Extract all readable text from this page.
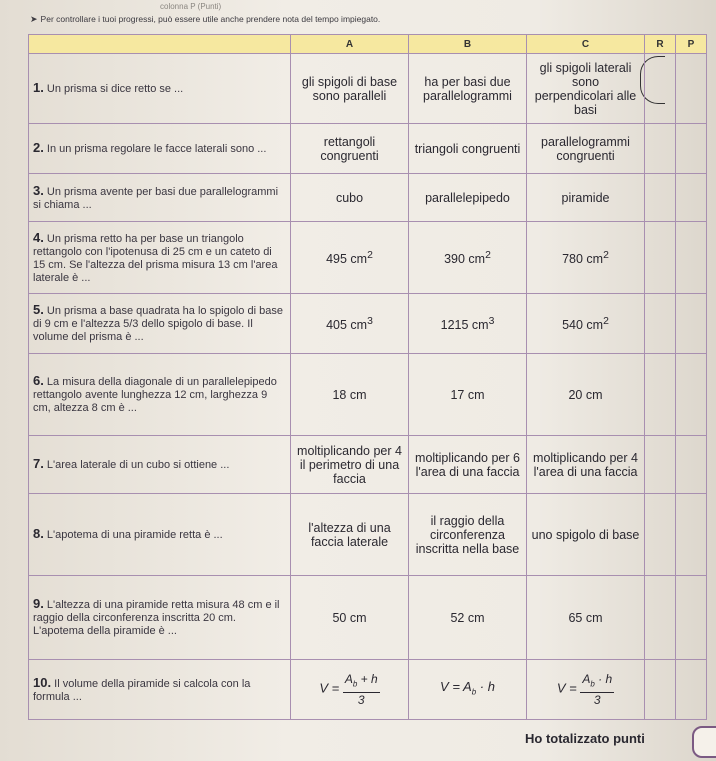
colonna P (Punti)
➤ Per controllare i tuoi progressi, può essere utile anche prendere nota del tempo impiegato.
	A	B	C	R	P
1. Un prisma si dice retto se ...	gli spigoli di base sono paralleli	ha per basi due parallelogrammi	gli spigoli laterali sono perpendicolari alle basi		
2. In un prisma regolare le facce laterali sono ...	rettangoli congruenti	triangoli congruenti	parallelogrammi congruenti		
3. Un prisma avente per basi due parallelogrammi si chiama ...	cubo	parallelepipedo	piramide		
4. Un prisma retto ha per base un triangolo rettangolo con l'ipotenusa di 25 cm e un cateto di 15 cm. Se l'altezza del prisma misura 13 cm l'area laterale è ...	495 $cm^2$	390 $cm^2$	780 $cm^2$		
5. Un prisma a base quadrata ha lo spigolo di base di 9 cm e l'altezza 5/3 dello spigolo di base. Il volume del prisma è ...	405 $cm^3$	1215 $cm^3$	540 $cm^2$		
6. La misura della diagonale di un parallelepipedo rettangolo avente lunghezza 12 cm, larghezza 9 cm, altezza 8 cm è ...	18 cm	17 cm	20 cm		
7. L'area laterale di un cubo si ottiene ...	moltiplicando per 4 il perimetro di una faccia	moltiplicando per 6 l'area di una faccia	moltiplicando per 4 l'area di una faccia		
8. L'apotema di una piramide retta è ...	l'altezza di una faccia laterale	il raggio della circonferenza inscritta nella base	uno spigolo di base		
9. L'altezza di una piramide retta misura 48 cm e il raggio della circonferenza inscritta 20 cm. L'apotema della piramide è ...	50 cm	52 cm	65 cm		
10. Il volume della piramide si calcola con la formula ...	$V = \frac{A_b + h}{3}$	$V = A_b \cdot h$	$V = \frac{A_b \cdot h}{3}$

Ho totalizzato punti
